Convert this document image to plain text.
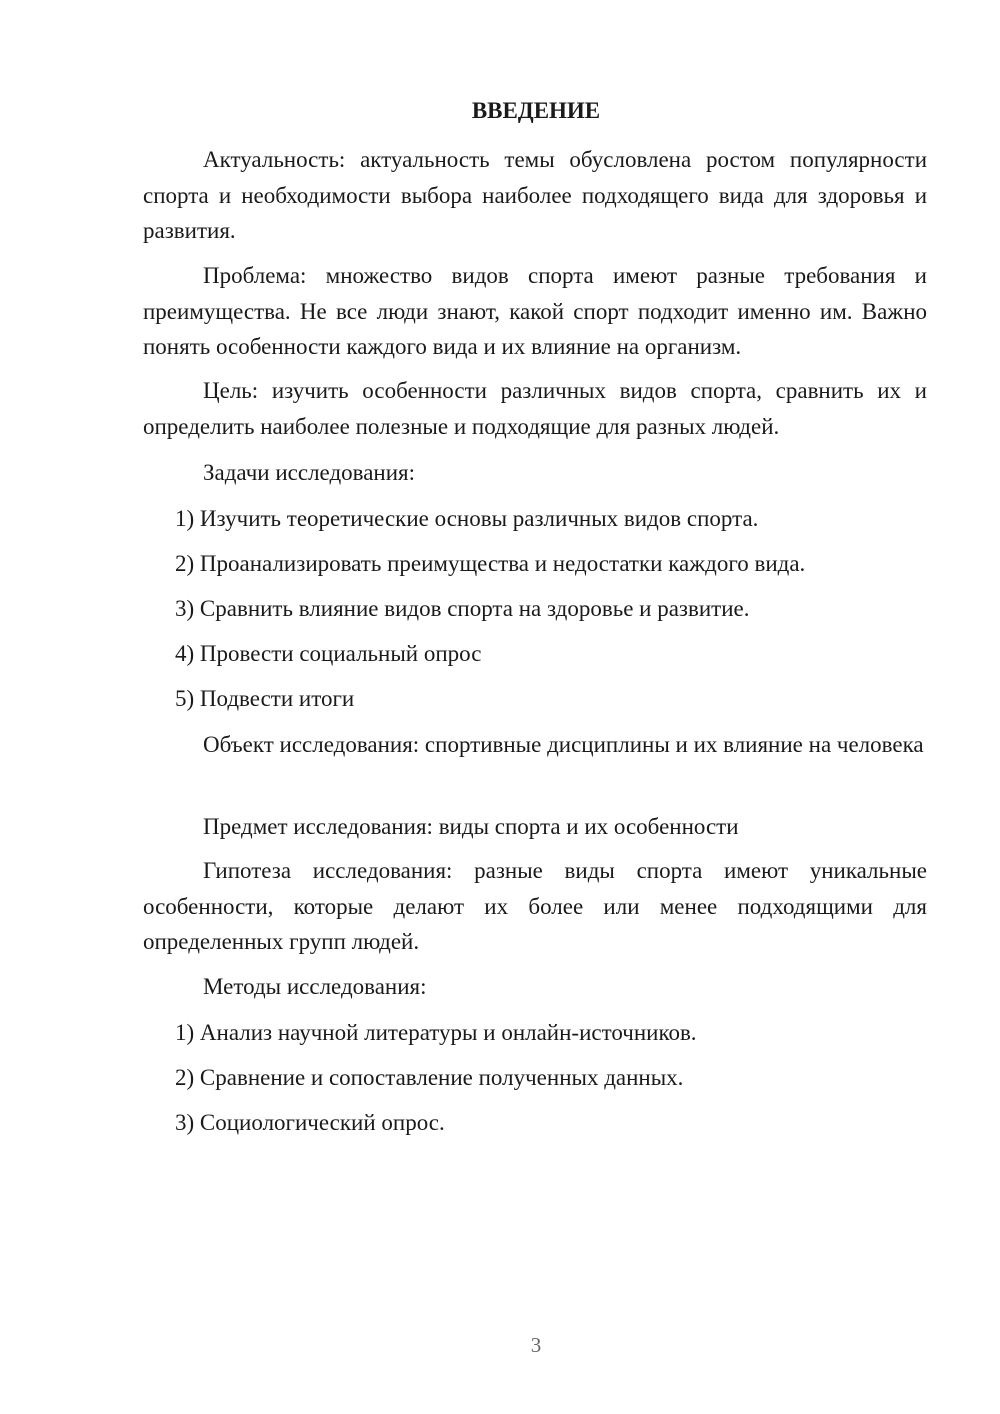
ВВЕДЕНИЕ

Актуальность: актуальность темы обусловлена ростом популярности спорта и необходимости выбора наиболее подходящего вида для здоровья и развития.

Проблема: множество видов спорта имеют разные требования и преимущества. Не все люди знают, какой спорт подходит именно им. Важно понять особенности каждого вида и их влияние на организм.

Цель: изучить особенности различных видов спорта, сравнить их и определить наиболее полезные и подходящие для разных людей.

Задачи исследования:

1) Изучить теоретические основы различных видов спорта.

2) Проанализировать преимущества и недостатки каждого вида.

3) Сравнить влияние видов спорта на здоровье и развитие.

4) Провести социальный опрос

5) Подвести итоги

Объект исследования: спортивные дисциплины и их влияние на человека

Предмет исследования: виды спорта и их особенности

Гипотеза исследования: разные виды спорта имеют уникальные особенности, которые делают их более или менее подходящими для определенных групп людей.

Методы исследования:

1) Анализ научной литературы и онлайн-источников.

2) Сравнение и сопоставление полученных данных.

3) Социологический опрос.

3
